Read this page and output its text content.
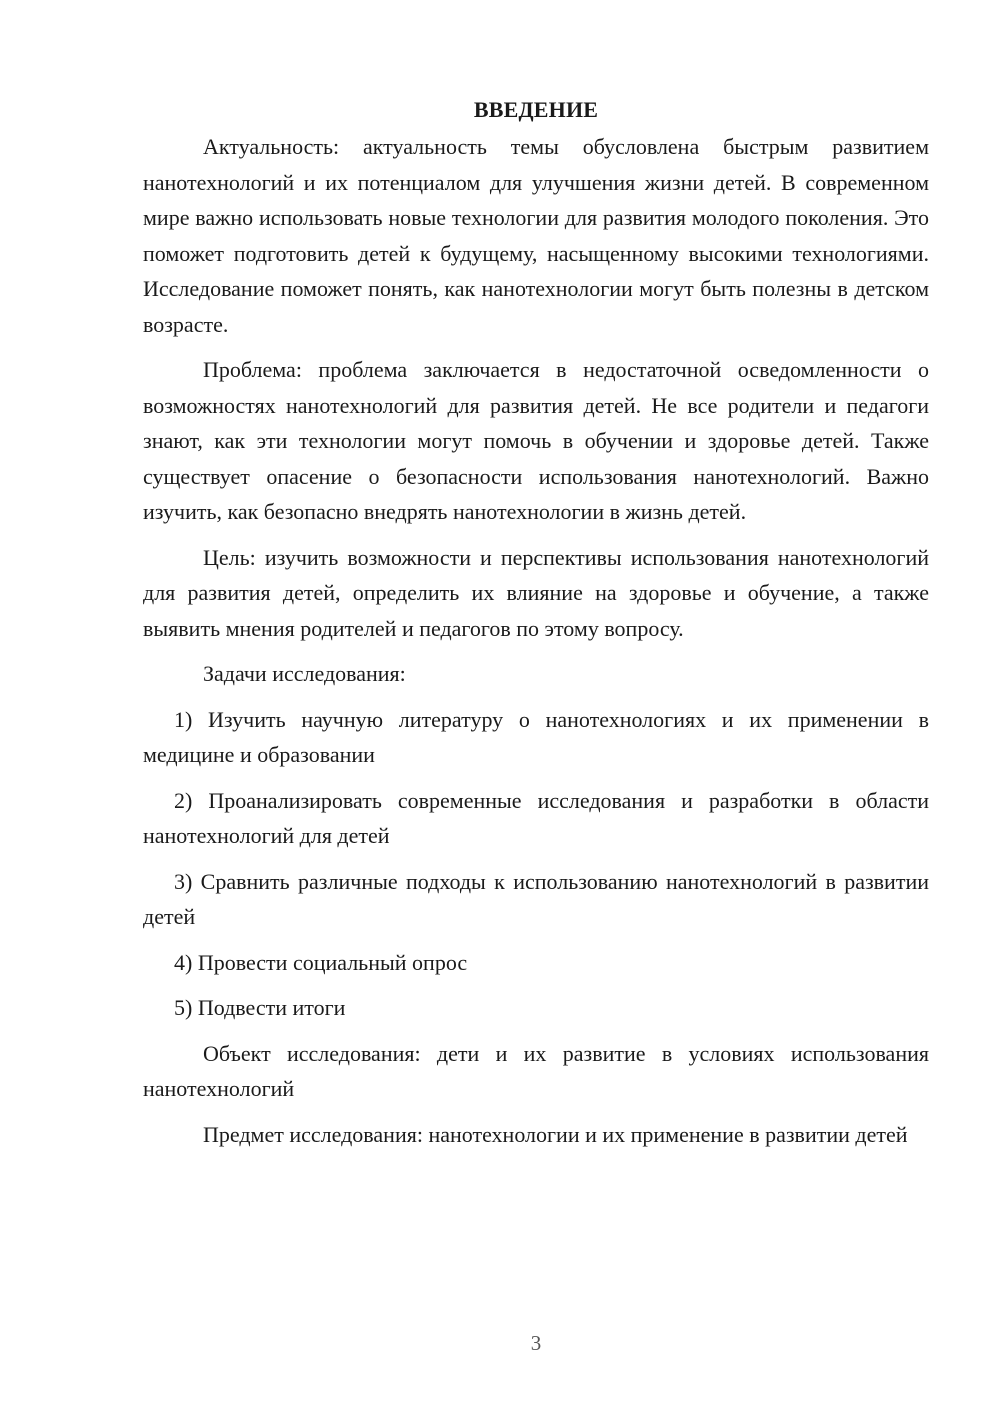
ВВЕДЕНИЕ

Актуальность: актуальность темы обусловлена быстрым развитием нанотехнологий и их потенциалом для улучшения жизни детей. В современном мире важно использовать новые технологии для развития молодого поколения. Это поможет подготовить детей к будущему, насыщенному высокими технологиями. Исследование поможет понять, как нанотехнологии могут быть полезны в детском возрасте.

Проблема: проблема заключается в недостаточной осведомленности о возможностях нанотехнологий для развития детей. Не все родители и педагоги знают, как эти технологии могут помочь в обучении и здоровье детей. Также существует опасение о безопасности использования нанотехнологий. Важно изучить, как безопасно внедрять нанотехнологии в жизнь детей.

Цель: изучить возможности и перспективы использования нанотехнологий для развития детей, определить их влияние на здоровье и обучение, а также выявить мнения родителей и педагогов по этому вопросу.

Задачи исследования:

1) Изучить научную литературу о нанотехнологиях и их применении в медицине и образовании

2) Проанализировать современные исследования и разработки в области нанотехнологий для детей

3) Сравнить различные подходы к использованию нанотехнологий в развитии детей

4) Провести социальный опрос

5) Подвести итоги

Объект исследования: дети и их развитие в условиях использования нанотехнологий

Предмет исследования: нанотехнологии и их применение в развитии детей

3
